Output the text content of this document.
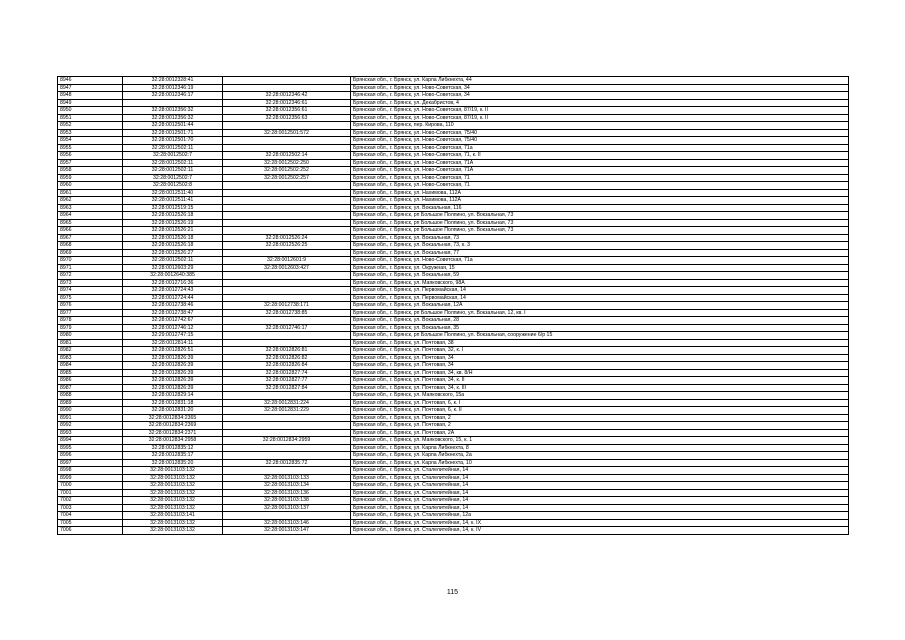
8946	32:28:0012328:41		Брянская обл., г. Брянск, ул. Карла Либкнехта, 44
8947	32:28:0012346:19		Брянская обл., г. Брянск, ул. Ново-Советская, 34
8948	32:28:0012346:17	32:28:0012346:42	Брянская обл., г. Брянск, ул. Ново-Советская, 34
8949		32:28:0012346:61	Брянская обл., г. Брянск, ул. Декабристов, 4
8950	32:28:0012356:32	32:28:0012356:61	Брянская обл., г. Брянск, ул. Ново-Советская, 87/19, к. II
8951	32:28:0012356:32	32:28:0012356:63	Брянская обл., г. Брянск, ул. Ново-Советская, 87/19, к. II
8952	32:28:0012501:44		Брянская обл., г. Брянск, пер. Кирова, 110
8953	32:28:0012501:71	32:28:0012501:572	Брянская обл., г. Брянск, ул. Ново-Советская, 75/40
8954	32:28:0012501:70		Брянская обл., г. Брянск, ул. Ново-Советская, 75/40
8955	32:28:0012502:11		Брянская обл., г. Брянск, ул. Ново-Советская, 71а
8956	32:28:0012502:7	32:28:0012502:14	Брянская обл., г. Брянск, ул. Ново-Советская, 71, к. II
8957	32:28:0012502:11	32:28:0012502:250	Брянская обл., г. Брянск, ул. Ново-Советская, 71А
8958	32:28:0012502:11	32:28:0012502:252	Брянская обл., г. Брянск, ул. Ново-Советская, 71А
8959	32:28:0012502:7	32:28:0012502:257	Брянская обл., г. Брянск, ул. Ново-Советская, 71
8960	32:28:0012502:8		Брянская обл., г. Брянск, ул. Ново-Советская, 71
8961	32:28:0012511:40		Брянская обл., г. Брянск, ул. Нахимова, 112А
8962	32:28:0012511:41		Брянская обл., г. Брянск, ул. Нахимова, 112А
8963	32:28:0012519:15		Брянская обл., г. Брянск, ул. Вокзальная, 116
8964	32:28:0012526:18		Брянская обл., г. Брянск, рп Большое Полпино, ул. Вокзальная, 73
8965	32:28:0012526:19		Брянская обл., г. Брянск, рп Большое Полпино, ул. Вокзальная, 73
8966	32:28:0012526:21		Брянская обл., г. Брянск, рп Большое Полпино, ул. Вокзальная, 73
8967	32:28:0012526:18	32:28:0012526:24	Брянская обл., г. Брянск, ул. Вокзальная, 73
8968	32:28:0012526:18	32:28:0012526:25	Брянская обл., г. Брянск, ул. Вокзальная, 73, к. 3
8969	32:28:0012526:27		Брянская обл., г. Брянск, ул. Вокзальная, 77
8970	32:28:0012502:11	32:28:0012601:9	Брянская обл., г. Брянск, ул. Ново-Советская, 71а
8971	32:28:0012603:29	32:28:0012603:427	Брянская обл., г. Брянск, ул. Окружная, 15
8972	32:28:0012640:385		Брянская обл., г. Брянск, ул. Вокзальная, 59
8973	32:28:0012716:36		Брянская обл., г. Брянск, ул. Маяковского, 98А
8974	32:28:0012724:43		Брянская обл., г. Брянск, ул. Первомайская, 14
8975	32:28:0012724:44		Брянская обл., г. Брянск, ул. Первомайская, 14
8976	32:28:0012738:46	32:28:0012738:171	Брянская обл., г. Брянск, ул. Вокзальная, 12А
8977	32:28:0012738:47	32:28:0012738:85	Брянская обл., г. Брянск, рп Большое Полпино, ул. Вокзальная, 12, кв. I
8978	32:28:0012742:67		Брянская обл., г. Брянск, ул. Вокзальная, 28
8979	32:28:0012746:12	32:28:0012746:17	Брянская обл., г. Брянск, ул. Вокзальная, 35
8980	32:29:0012747:15		Брянская обл., г. Брянск, рп Большое Полпино, ул. Вокзальная, сооружение 6/р 15
8981	32:28:0012814:11		Брянская обл., г. Брянск, ул. Почтовая, 38
8982	32:28:0012826:51	32:28:0012826:81	Брянская обл., г. Брянск, ул. Почтовая, 32, к. I
8983	32:28:0012826:39	32:28:0012826:82	Брянская обл., г. Брянск, ул. Почтовая, 34
8984	32:28:0012826:39	32:28:0012826:84	Брянская обл., г. Брянск, ул. Почтовая, 34
8985	32:28:0012826:39	32:28:0012827:74	Брянская обл., г. Брянск, ул. Почтовая, 34, кв. 8/Н
8986	32:28:0012826:39	32:28:0012827:77	Брянская обл., г. Брянск, ул. Почтовая, 34, к. II
8987	32:28:0012826:39	32:28:0012827:84	Брянская обл., г. Брянск, ул. Почтовая, 34, к. III
8988	32:28:0012829:14		Брянская обл., г. Брянск, ул. Маяковского, 15а
8989	32:28:0012831:18	32:28:0012831:224	Брянская обл., г. Брянск, ул. Почтовая, 6, к. I
8990	32:28:0012831:20	32:28:0012831:229	Брянская обл., г. Брянск, ул. Почтовая, 6, к. II
8991	32:28:0012834:2365		Брянская обл., г. Брянск, ул. Почтовая, 2
8992	32:28:0012834:2369		Брянская обл., г. Брянск, ул. Почтовая, 2
8993	32:28:0012834:2371		Брянская обл., г. Брянск, ул. Почтовая, 2А
8994	32:28:0012834:2958	32:28:0012834:2959	Брянская обл., г. Брянск, ул. Маяковского, 15, к. 1
8995	32:28:0012835:12		Брянская обл., г. Брянск, ул. Карла Либкнехта, 8
8996	32:28:0012835:17		Брянская обл., г. Брянск, ул. Карла Либкнехта, 2а
8997	32:28:0012835:20	32:28:0012835:72	Брянская обл., г. Брянск, ул. Карла Либкнехта, 10
8998	32:28:0013103:132		Брянская обл., г. Брянск, ул. Сталелитейная, 14
8999	32:28:0013103:132	32:28:0013103:133	Брянская обл., г. Брянск, ул. Сталелитейная, 14
7000	32:28:0013103:132	32:28:0013103:134	Брянская обл., г. Брянск, ул. Сталелитейная, 14
7001	32:28:0013103:132	32:28:0013103:136	Брянская обл., г. Брянск, ул. Сталелитейная, 14
7002	32:28:0013103:132	32:28:0013103:138	Брянская обл., г. Брянск, ул. Сталелитейная, 14
7003	32:28:0013103:132	32:28:0013103:137	Брянская обл., г. Брянск, ул. Сталелитейная, 14
7004	32:28:0013103:141		Брянская обл., г. Брянск, ул. Сталелитейная, 12а
7005	32:28:0013103:132	32:28:0013103:146	Брянская обл., г. Брянск, ул. Сталелитейная, 14, к. IX
7006	32:28:0013103:132	32:28:0013103:147	Брянская обл., г. Брянск, ул. Сталелитейная, 14, к. IV
115
